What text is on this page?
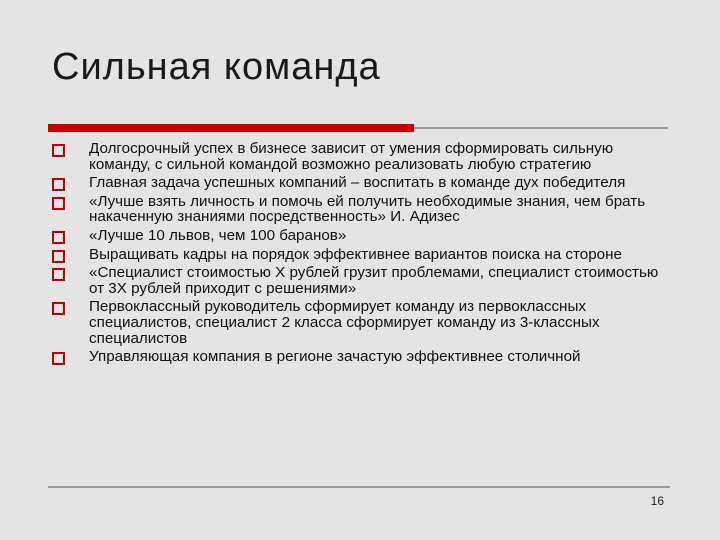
Сильная команда
Долгосрочный успех в бизнесе зависит от умения сформировать сильную команду, с сильной командой возможно реализовать любую стратегию
Главная задача успешных компаний – воспитать в команде дух победителя
«Лучше взять личность и помочь ей получить необходимые знания, чем брать накаченную знаниями посредственность» И. Адизес
«Лучше 10 львов, чем 100 баранов»
Выращивать кадры на порядок эффективнее вариантов поиска на стороне
«Специалист стоимостью Х рублей грузит проблемами, специалист стоимостью от 3Х рублей приходит с решениями»
Первоклассный руководитель сформирует команду из первоклассных специалистов, специалист 2 класса сформирует команду из 3-классных специалистов
Управляющая компания в регионе зачастую эффективнее столичной
16
